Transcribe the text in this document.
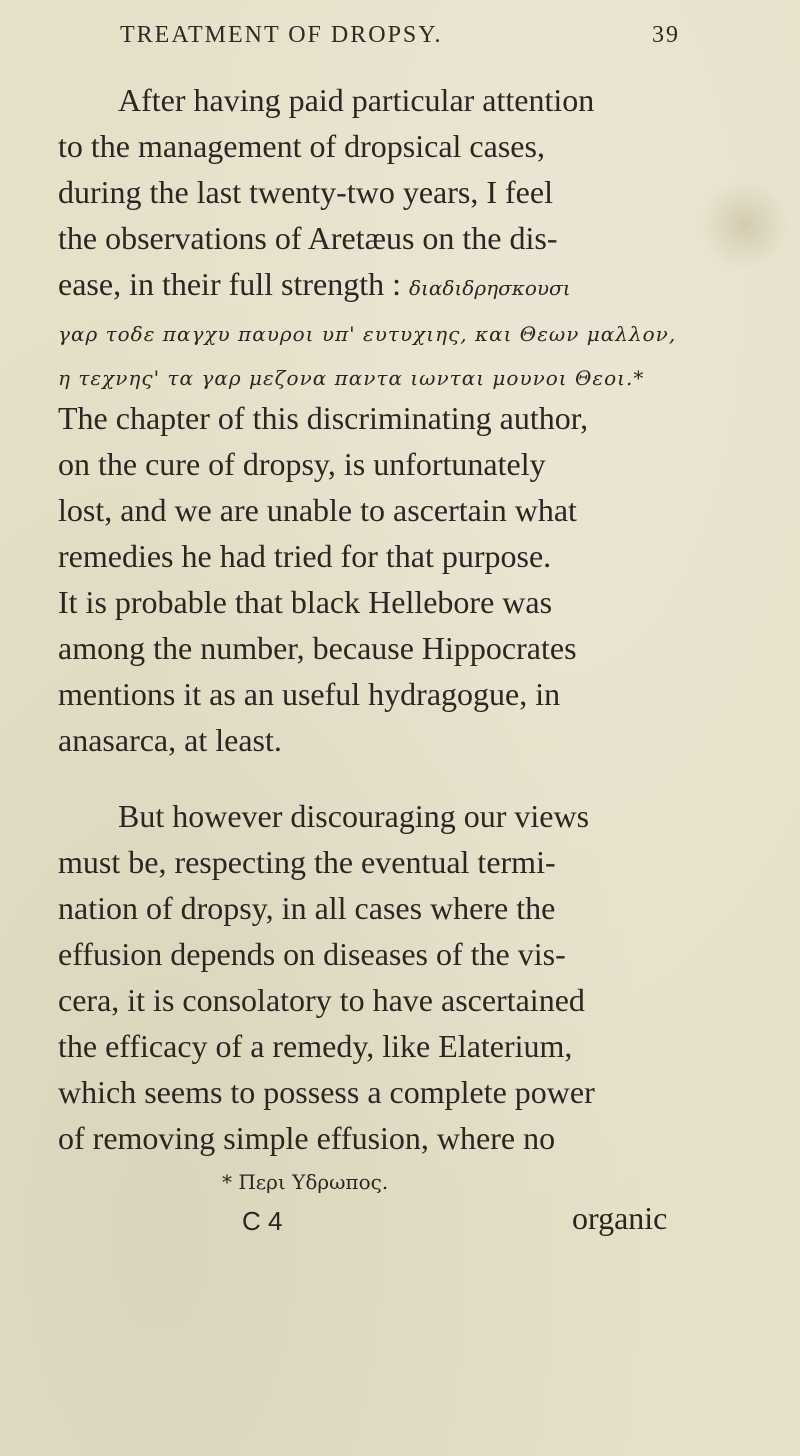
TREATMENT OF DROPSY.	39
After having paid particular attention
to the management of dropsical cases,
during the last twenty-two years, I feel
the observations of Aretæus on the dis-
ease, in their full strength : διαδιδρησκουσι
γαρ τοδε παγχυ παυροι υπ' ευτυχιης, και Θεων μαλλον,
η τεχνης' τα γαρ μεζονα παντα ιωνται μουνοι Θεοι.*
The chapter of this discriminating author,
on the cure of dropsy, is unfortunately
lost, and we are unable to ascertain what
remedies he had tried for that purpose.
It is probable that black Hellebore was
among the number, because Hippocrates
mentions it as an useful hydragogue, in
anasarca, at least.
But however discouraging our views
must be, respecting the eventual termi-
nation of dropsy, in all cases where the
effusion depends on diseases of the vis-
cera, it is consolatory to have ascertained
the efficacy of a remedy, like Elaterium,
which seems to possess a complete power
of removing simple effusion, where no
* Περι Υδρωπος.
C 4	organic
